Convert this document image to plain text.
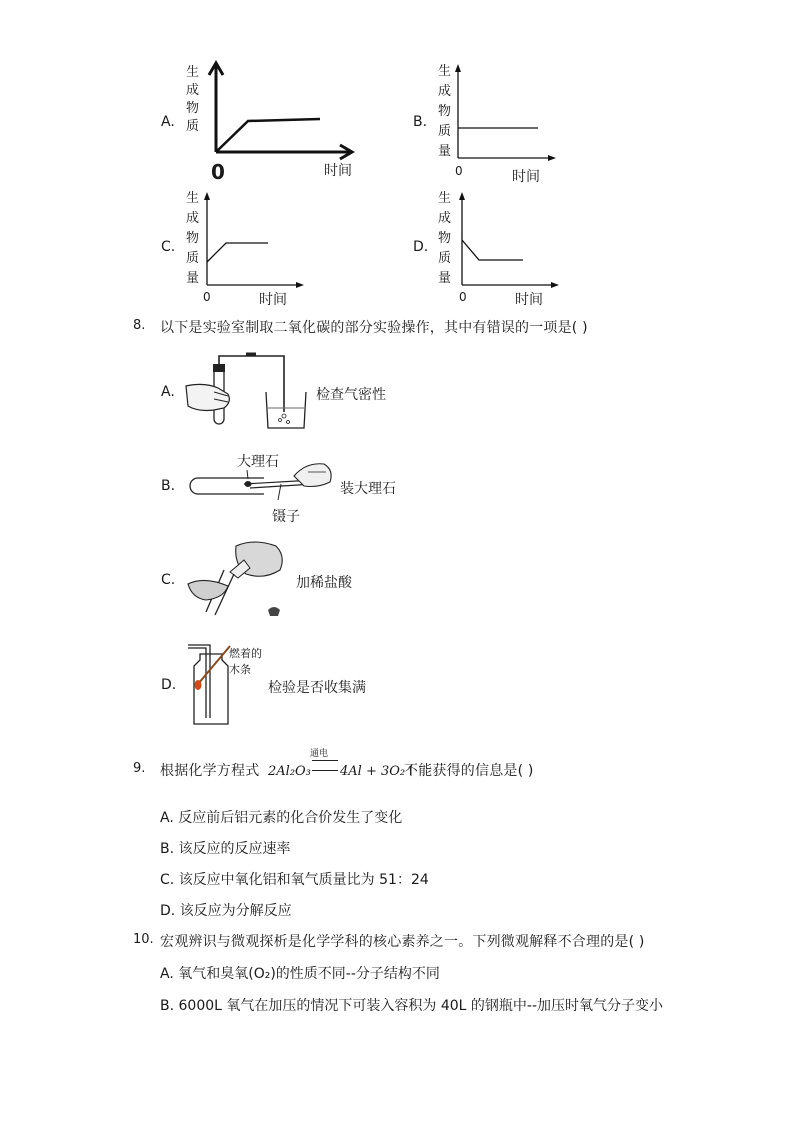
A.
生
成
物
质
0	时间
B.
生
成
物
质
量
0	时间
C.
生
成
物
质
量
0	时间
D.
生
成
物
质
量
0	时间
8. 以下是实验室制取二氧化碳的部分实验操作，其中有错误的一项是( )
A.	检查气密性
B.
大理石
装大理石
镊子
C.	加稀盐酸
D.
燃着的
木条
检验是否收集满
9. 根据化学方程式
通电
2Al₂O₃ 4Al + 3O₂↑
不能获得的信息是( )
A. 反应前后铝元素的化合价发生了变化
B. 该反应的反应速率
C. 该反应中氧化铝和氧气质量比为 51：24
D. 该反应为分解反应
10. 宏观辨识与微观探析是化学学科的核心素养之一。下列微观解释不合理的是( )
A. 氧气和臭氧(O₂)的性质不同--分子结构不同
B. 6000L 氧气在加压的情况下可装入容积为 40L 的钢瓶中--加压时氧气分子变小
